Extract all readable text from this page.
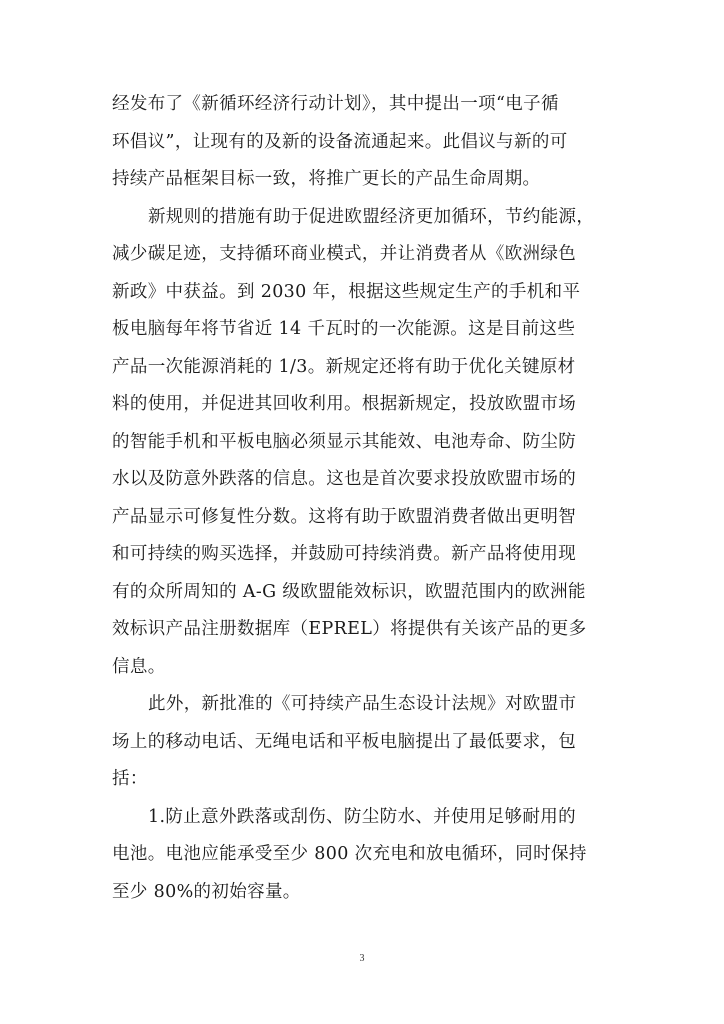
经发布了《新循环经济行动计划》，其中提出一项“电子循
环倡议”，让现有的及新的设备流通起来。此倡议与新的可
持续产品框架目标一致，将推广更长的产品生命周期。
新规则的措施有助于促进欧盟经济更加循环，节约能源，
减少碳足迹，支持循环商业模式，并让消费者从《欧洲绿色
新政》中获益。到 2030 年，根据这些规定生产的手机和平
板电脑每年将节省近 14 千瓦时的一次能源。这是目前这些
产品一次能源消耗的 1/3。新规定还将有助于优化关键原材
料的使用，并促进其回收利用。根据新规定，投放欧盟市场
的智能手机和平板电脑必须显示其能效、电池寿命、防尘防
水以及防意外跌落的信息。这也是首次要求投放欧盟市场的
产品显示可修复性分数。这将有助于欧盟消费者做出更明智
和可持续的购买选择，并鼓励可持续消费。新产品将使用现
有的众所周知的 A-G 级欧盟能效标识，欧盟范围内的欧洲能
效标识产品注册数据库（EPREL）将提供有关该产品的更多
信息。
此外，新批准的《可持续产品生态设计法规》对欧盟市
场上的移动电话、无绳电话和平板电脑提出了最低要求，包
括：
1.防止意外跌落或刮伤、防尘防水、并使用足够耐用的
电池。电池应能承受至少 800 次充电和放电循环，同时保持
至少 80%的初始容量。
3
